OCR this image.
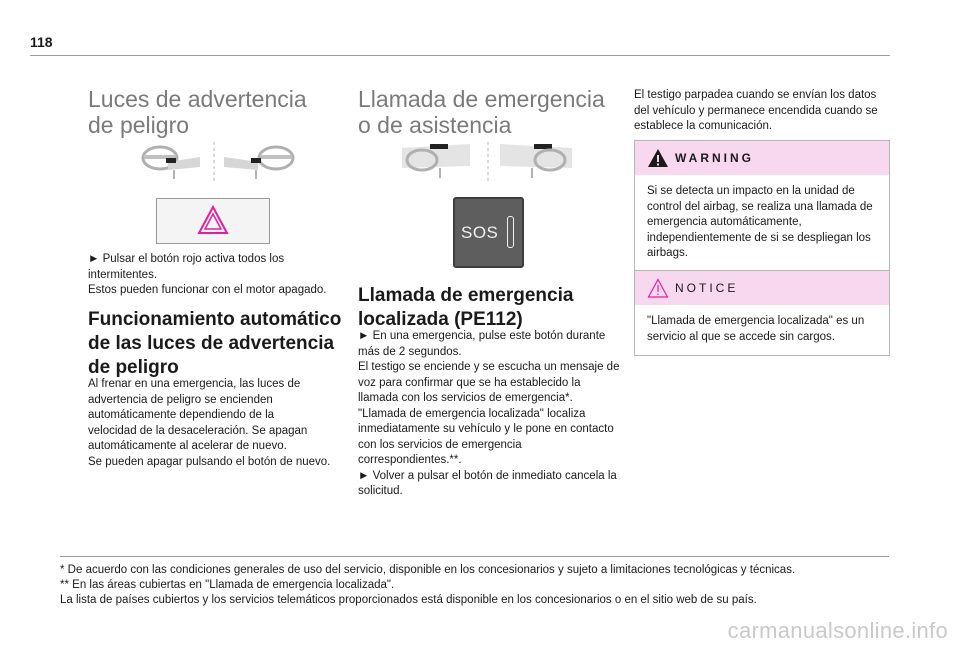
118
Luces de advertencia de peligro

► Pulsar el botón rojo activa todos los intermitentes.

Estos pueden funcionar con el motor apagado.

Funcionamiento automático de las luces de advertencia de peligro

Al frenar en una emergencia, las luces de advertencia de peligro se encienden automáticamente dependiendo de la velocidad de la desaceleración. Se apagan automáticamente al acelerar de nuevo.

Se pueden apagar pulsando el botón de nuevo.

Llamada de emergencia o de asistencia
SOS
Llamada de emergencia localizada (PE112)

► En una emergencia, pulse este botón durante más de 2 segundos.

El testigo se enciende y se escucha un mensaje de voz para confirmar que se ha establecido la llamada con los servicios de emergencia*.

"Llamada de emergencia localizada" localiza inmediatamente su vehículo y le pone en contacto con los servicios de emergencia correspondientes.**.

► Volver a pulsar el botón de inmediato cancela la solicitud.

El testigo parpadea cuando se envían los datos del vehículo y permanece encendida cuando se establece la comunicación.

WARNING
Si se detecta un impacto en la unidad de control del airbag, se realiza una llamada de emergencia automáticamente, independientemente de si se despliegan los airbags.
NOTICE
"Llamada de emergencia localizada" es un servicio al que se accede sin cargos.
* De acuerdo con las condiciones generales de uso del servicio, disponible en los concesionarios y sujeto a limitaciones tecnológicas y técnicas.
** En las áreas cubiertas en "Llamada de emergencia localizada".
La lista de países cubiertos y los servicios telemáticos proporcionados está disponible en los concesionarios o en el sitio web de su país.
carmanualsonline.info
